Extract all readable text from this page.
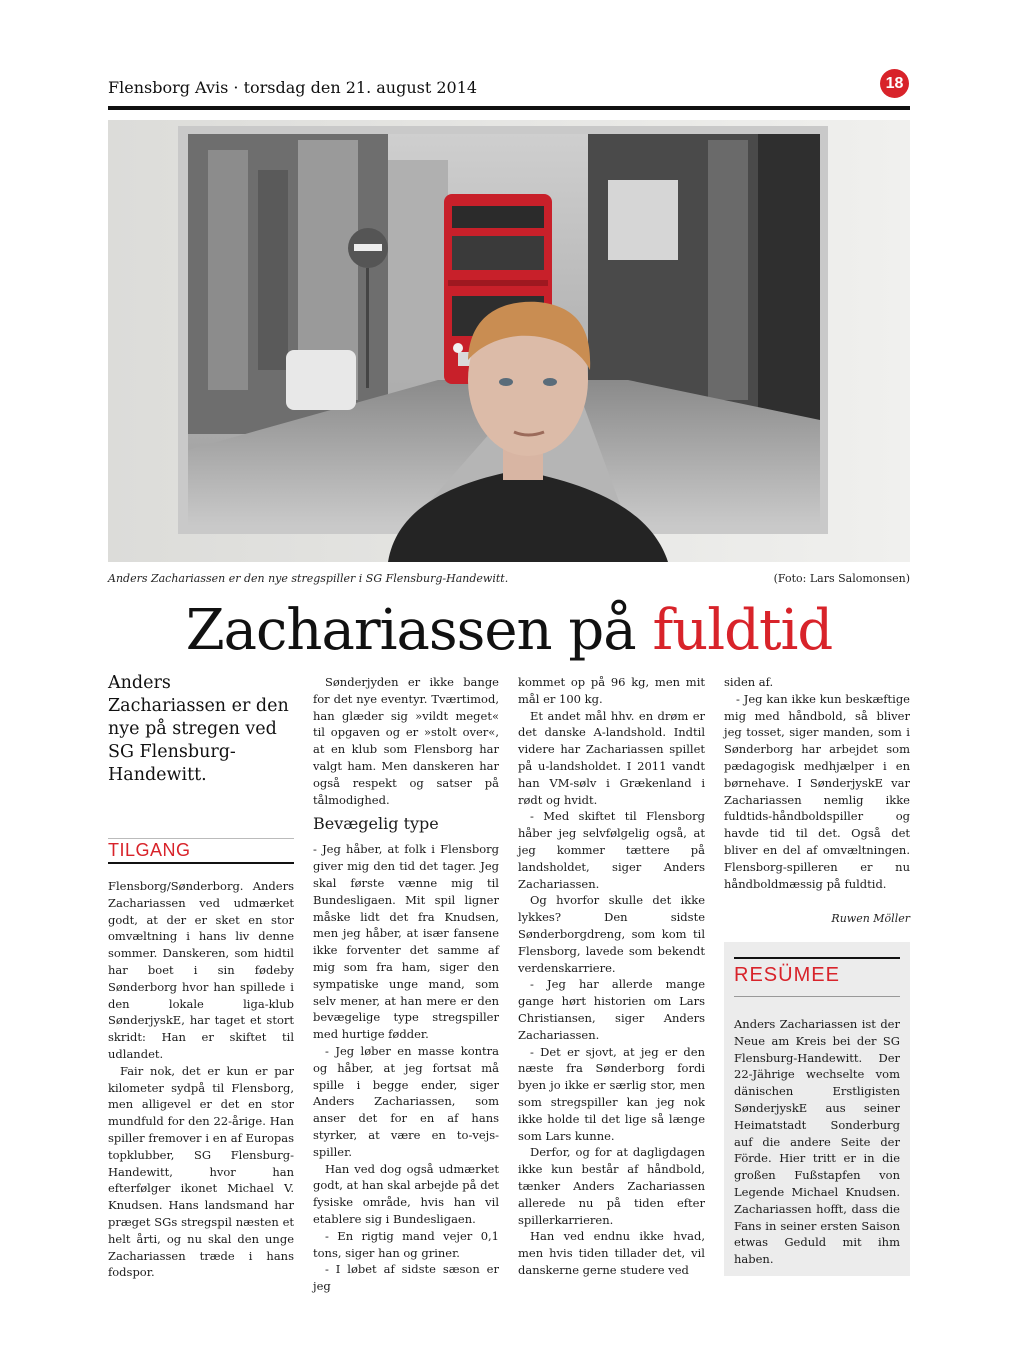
Flensborg Avis · torsdag den 21. august 2014	18
Anders Zachariassen er den nye stregspiller i SG Flensburg-Handewitt.	(Foto: Lars Salomonsen)
Zachariassen på fuldtid
Anders Zachariassen er den nye på stregen ved SG Flensburg-Handewitt.
TILGANG

Flensborg/Sønderborg. Anders Zachariassen ved udmærket godt, at der er sket en stor omvæltning i hans liv denne sommer. Danskeren, som hidtil har boet i sin fødeby Sønderborg hvor han spillede i den lokale liga-klub SønderjyskE, har taget et stort skridt: Han er skiftet til udlandet.

Fair nok, det er kun er par kilometer sydpå til Flensborg, men alligevel er det en stor mundfuld for den 22-årige. Han spiller fremover i en af Europas topklubber, SG Flensburg-Handewitt, hvor han efterfølger ikonet Michael V. Knudsen. Hans landsmand har præget SGs stregspil næsten et helt årti, og nu skal den unge Zachariassen træde i hans fodspor.

Sønderjyden er ikke bange for det nye eventyr. Tværtimod, han glæder sig »vildt meget« til opgaven og er »stolt over«, at en klub som Flensborg har valgt ham. Men danskeren har også respekt og satser på tålmodighed.

Bevægelig type

- Jeg håber, at folk i Flensborg giver mig den tid det tager. Jeg skal første vænne mig til Bundesligaen. Mit spil ligner måske lidt det fra Knudsen, men jeg håber, at især fansene ikke forventer det samme af mig som fra ham, siger den sympatiske unge mand, som selv mener, at han mere er den bevægelige type stregspiller med hurtige fødder.

- Jeg løber en masse kontra og håber, at jeg fortsat må spille i begge ender, siger Anders Zachariassen, som anser det for en af hans styrker, at være en to-vejs-spiller.

Han ved dog også udmærket godt, at han skal arbejde på det fysiske område, hvis han vil etablere sig i Bundesligaen.

- En rigtig mand vejer 0,1 tons, siger han og griner.

- I løbet af sidste sæson er jeg

kommet op på 96 kg, men mit mål er 100 kg.

Et andet mål hhv. en drøm er det danske A-landshold. Indtil videre har Zachariassen spillet på u-landsholdet. I 2011 vandt han VM-sølv i Grækenland i rødt og hvidt.

- Med skiftet til Flensborg håber jeg selvfølgelig også, at jeg kommer tættere på landsholdet, siger Anders Zachariassen.

Og hvorfor skulle det ikke lykkes? Den sidste Sønderborgdreng, som kom til Flensborg, lavede som bekendt verdenskarriere.

- Jeg har allerde mange gange hørt historien om Lars Christiansen, siger Anders Zachariassen.

- Det er sjovt, at jeg er den næste fra Sønderborg fordi byen jo ikke er særlig stor, men som stregspiller kan jeg nok ikke holde til det lige så længe som Lars kunne.

Derfor, og for at dagligdagen ikke kun består af håndbold, tænker Anders Zachariassen allerede nu på tiden efter spillerkarrieren.

Han ved endnu ikke hvad, men hvis tiden tillader det, vil danskerne gerne studere ved

siden af.

- Jeg kan ikke kun beskæftige mig med håndbold, så bliver jeg tosset, siger manden, som i Sønderborg har arbejdet som pædagogisk medhjælper i en børnehave. I SønderjyskE var Zachariassen nemlig ikke fuldtids-håndboldspiller og havde tid til det. Også det bliver en del af omvæltningen. Flensborg-spilleren er nu håndboldmæssig på fuldtid.

Ruwen Möller
RESÜMEE
Anders Zachariassen ist der Neue am Kreis bei der SG Flensburg-Handewitt. Der 22-Jährige wechselte vom dänischen Erstligisten SønderjyskE aus seiner Heimatstadt Sonderburg auf die andere Seite der Förde. Hier tritt er in die großen Fußstapfen von Legende Michael Knudsen. Zachariassen hofft, dass die Fans in seiner ersten Saison etwas Geduld mit ihm haben.
